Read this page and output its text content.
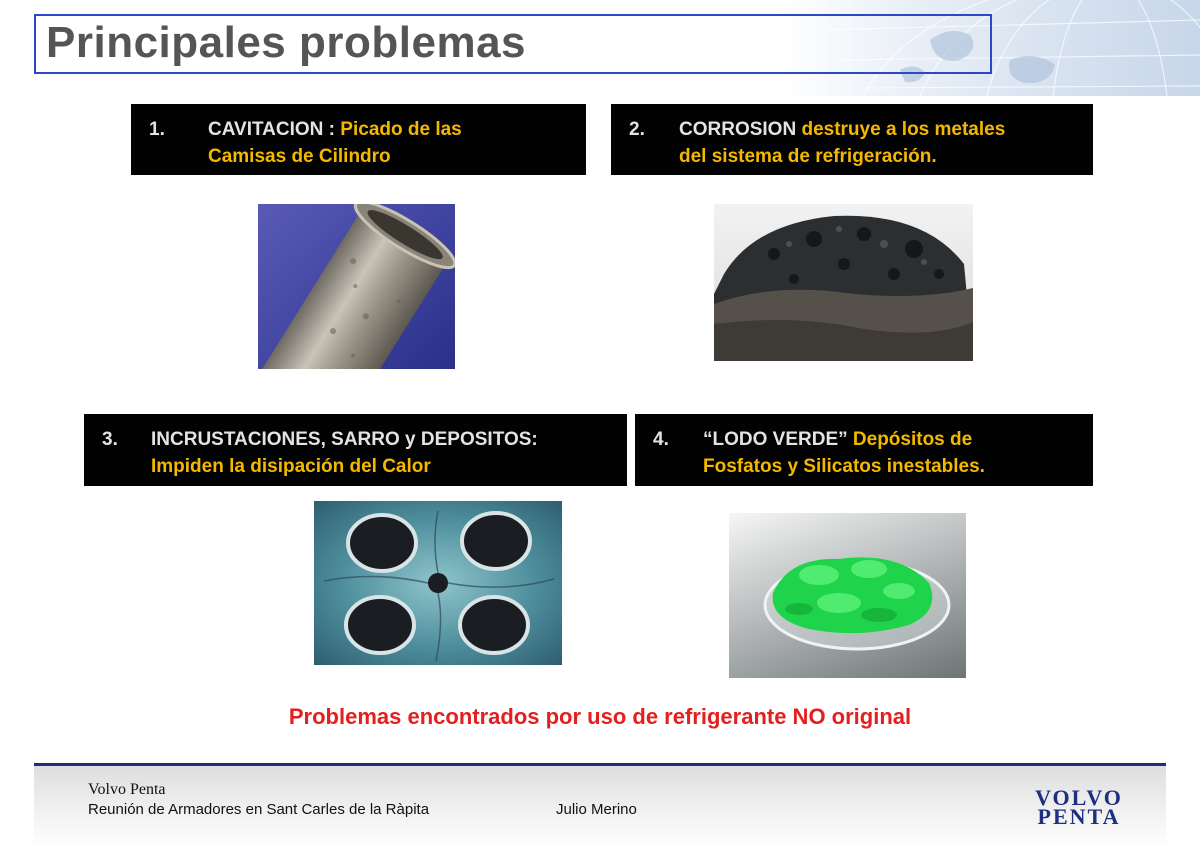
Principales problemas
1. CAVITACION : Picado de las
Camisas de Cilindro
2. CORROSION destruye a los metales
del sistema de refrigeración.
3. INCRUSTACIONES, SARRO y DEPOSITOS:
Impiden la disipación del Calor
4. “LODO VERDE” Depósitos de
Fosfatos y Silicatos inestables.
Problemas encontrados por uso de refrigerante NO original
Volvo Penta
Reunión de Armadores en Sant Carles de la Ràpita	Julio Merino	VOLVO
PENTA
